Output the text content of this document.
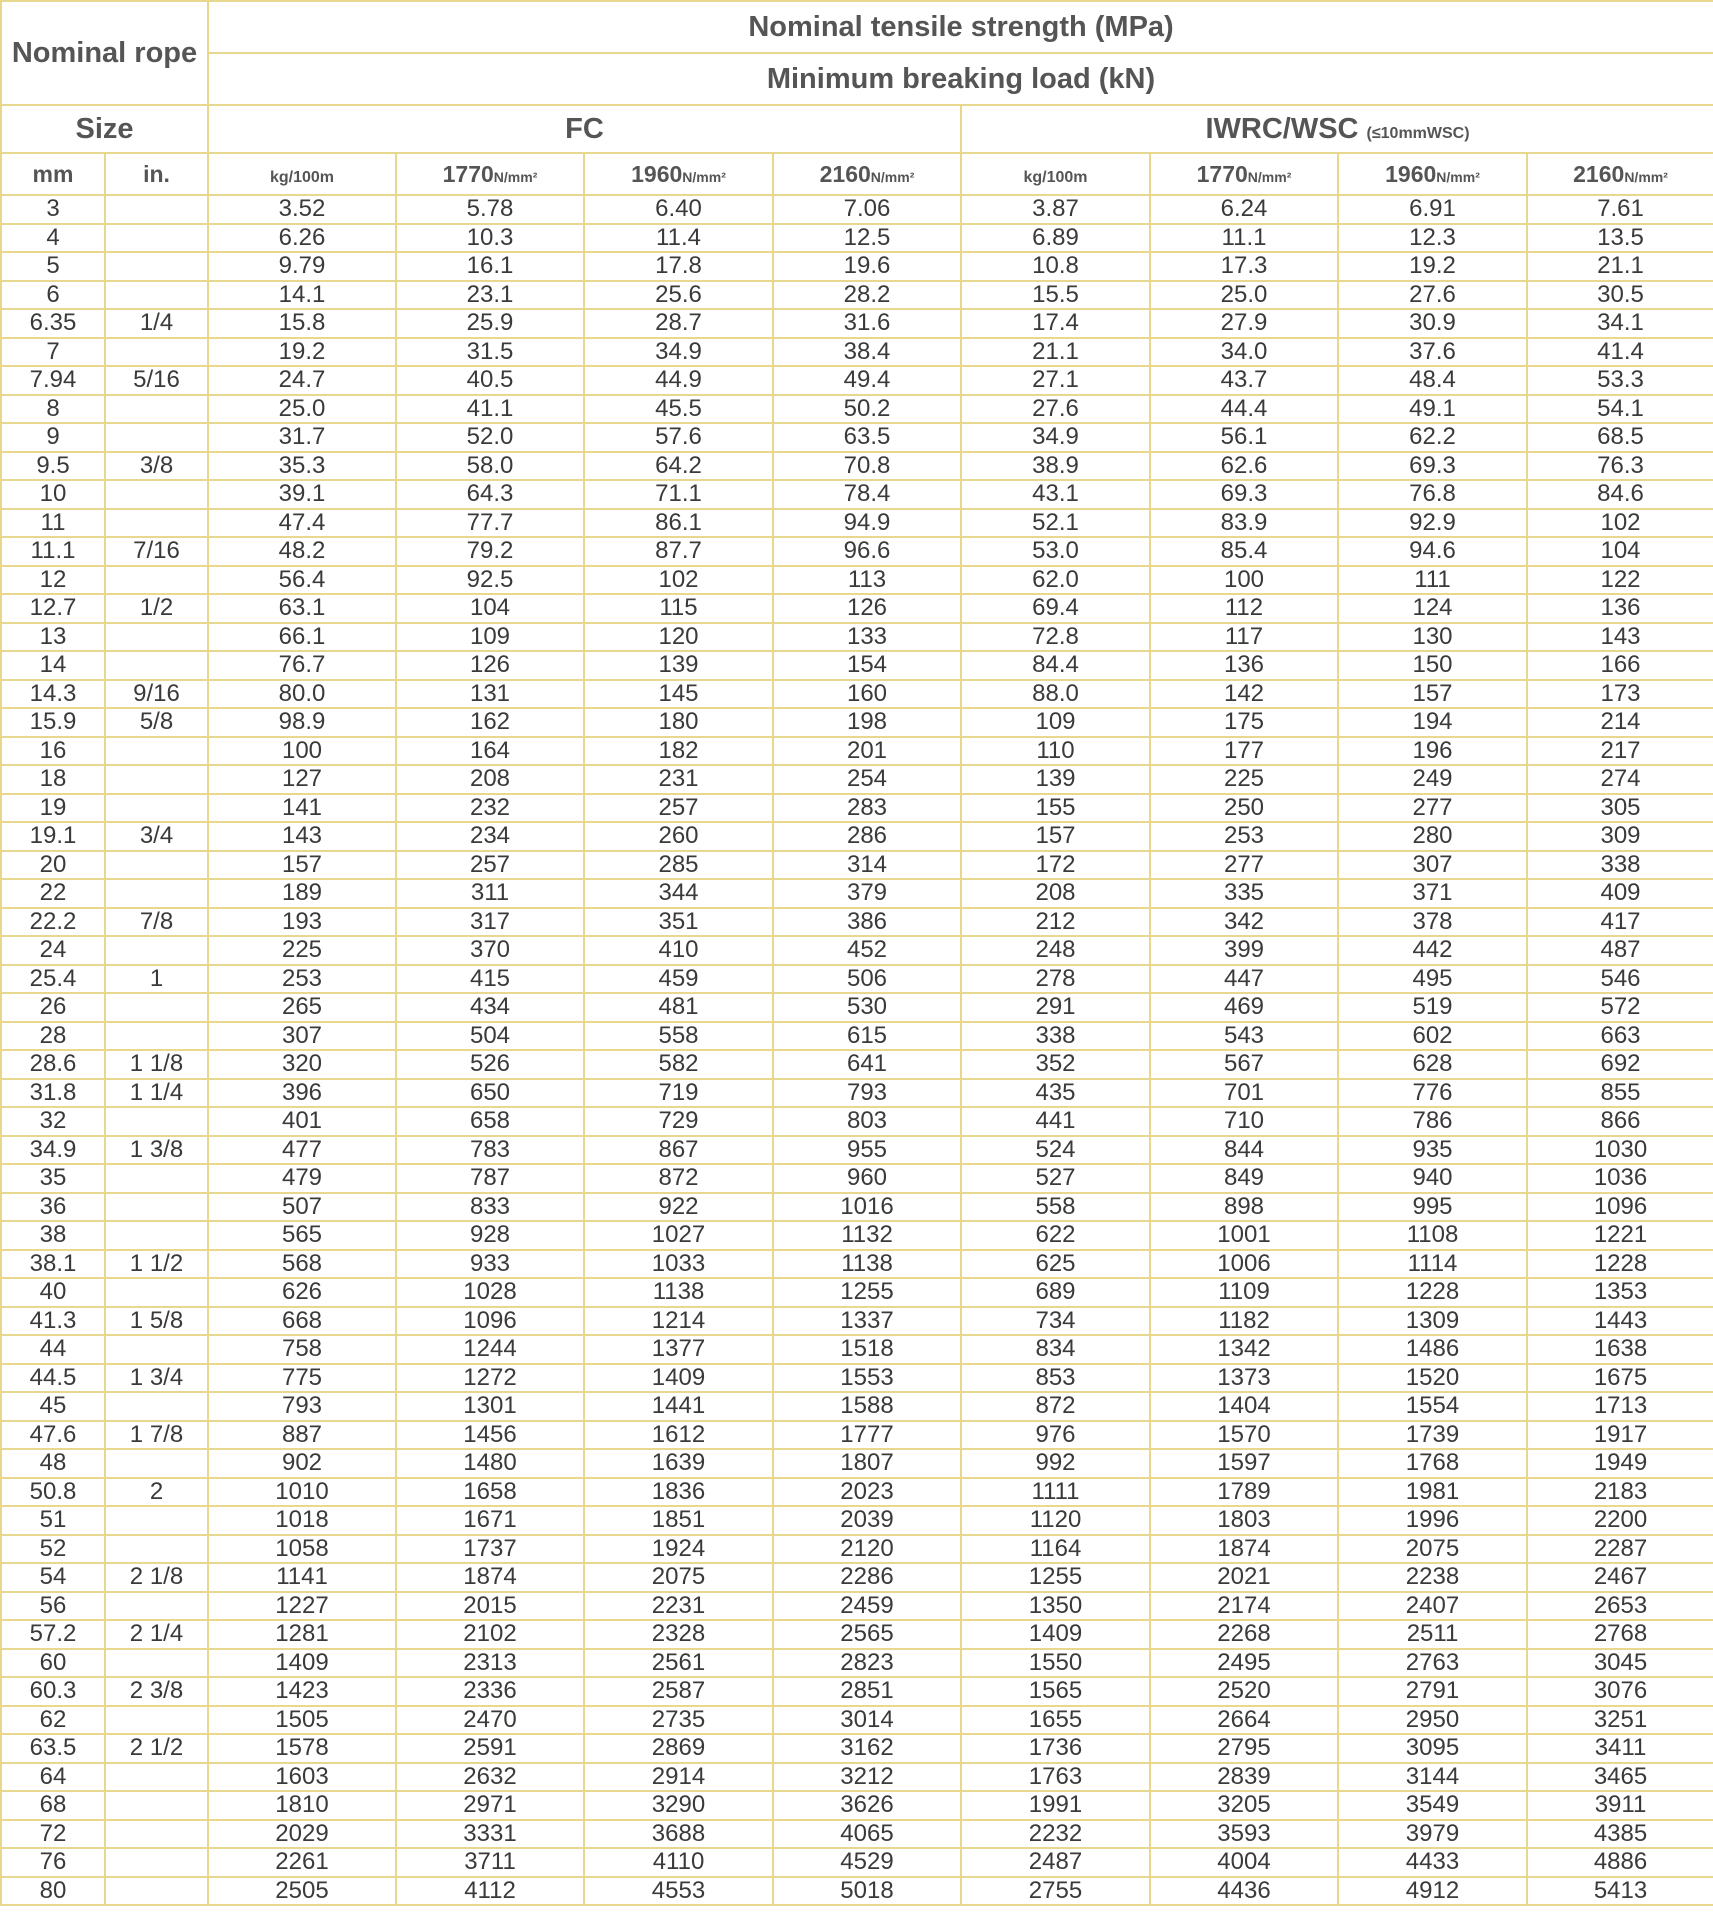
Nominal rope		Nominal tensile strength (MPa)							
		Minimum breaking load (kN)							
Size		FC				IWRC/WSC (≤10mmWSC)			
mm	in.	kg/100m	1770N/mm²	1960N/mm²	2160N/mm²	kg/100m	1770N/mm²	1960N/mm²	2160N/mm²
3		3.52	5.78	6.40	7.06	3.87	6.24	6.91	7.61
4		6.26	10.3	11.4	12.5	6.89	11.1	12.3	13.5
5		9.79	16.1	17.8	19.6	10.8	17.3	19.2	21.1
6		14.1	23.1	25.6	28.2	15.5	25.0	27.6	30.5
6.35	1/4	15.8	25.9	28.7	31.6	17.4	27.9	30.9	34.1
7		19.2	31.5	34.9	38.4	21.1	34.0	37.6	41.4
7.94	5/16	24.7	40.5	44.9	49.4	27.1	43.7	48.4	53.3
8		25.0	41.1	45.5	50.2	27.6	44.4	49.1	54.1
9		31.7	52.0	57.6	63.5	34.9	56.1	62.2	68.5
9.5	3/8	35.3	58.0	64.2	70.8	38.9	62.6	69.3	76.3
10		39.1	64.3	71.1	78.4	43.1	69.3	76.8	84.6
11		47.4	77.7	86.1	94.9	52.1	83.9	92.9	102
11.1	7/16	48.2	79.2	87.7	96.6	53.0	85.4	94.6	104
12		56.4	92.5	102	113	62.0	100	111	122
12.7	1/2	63.1	104	115	126	69.4	112	124	136
13		66.1	109	120	133	72.8	117	130	143
14		76.7	126	139	154	84.4	136	150	166
14.3	9/16	80.0	131	145	160	88.0	142	157	173
15.9	5/8	98.9	162	180	198	109	175	194	214
16		100	164	182	201	110	177	196	217
18		127	208	231	254	139	225	249	274
19		141	232	257	283	155	250	277	305
19.1	3/4	143	234	260	286	157	253	280	309
20		157	257	285	314	172	277	307	338
22		189	311	344	379	208	335	371	409
22.2	7/8	193	317	351	386	212	342	378	417
24		225	370	410	452	248	399	442	487
25.4	1	253	415	459	506	278	447	495	546
26		265	434	481	530	291	469	519	572
28		307	504	558	615	338	543	602	663
28.6	1 1/8	320	526	582	641	352	567	628	692
31.8	1 1/4	396	650	719	793	435	701	776	855
32		401	658	729	803	441	710	786	866
34.9	1 3/8	477	783	867	955	524	844	935	1030
35		479	787	872	960	527	849	940	1036
36		507	833	922	1016	558	898	995	1096
38		565	928	1027	1132	622	1001	1108	1221
38.1	1 1/2	568	933	1033	1138	625	1006	1114	1228
40		626	1028	1138	1255	689	1109	1228	1353
41.3	1 5/8	668	1096	1214	1337	734	1182	1309	1443
44		758	1244	1377	1518	834	1342	1486	1638
44.5	1 3/4	775	1272	1409	1553	853	1373	1520	1675
45		793	1301	1441	1588	872	1404	1554	1713
47.6	1 7/8	887	1456	1612	1777	976	1570	1739	1917
48		902	1480	1639	1807	992	1597	1768	1949
50.8	2	1010	1658	1836	2023	1111	1789	1981	2183
51		1018	1671	1851	2039	1120	1803	1996	2200
52		1058	1737	1924	2120	1164	1874	2075	2287
54	2 1/8	1141	1874	2075	2286	1255	2021	2238	2467
56		1227	2015	2231	2459	1350	2174	2407	2653
57.2	2 1/4	1281	2102	2328	2565	1409	2268	2511	2768
60		1409	2313	2561	2823	1550	2495	2763	3045
60.3	2 3/8	1423	2336	2587	2851	1565	2520	2791	3076
62		1505	2470	2735	3014	1655	2664	2950	3251
63.5	2 1/2	1578	2591	2869	3162	1736	2795	3095	3411
64		1603	2632	2914	3212	1763	2839	3144	3465
68		1810	2971	3290	3626	1991	3205	3549	3911
72		2029	3331	3688	4065	2232	3593	3979	4385
76		2261	3711	4110	4529	2487	4004	4433	4886
80		2505	4112	4553	5018	2755	4436	4912	5413
